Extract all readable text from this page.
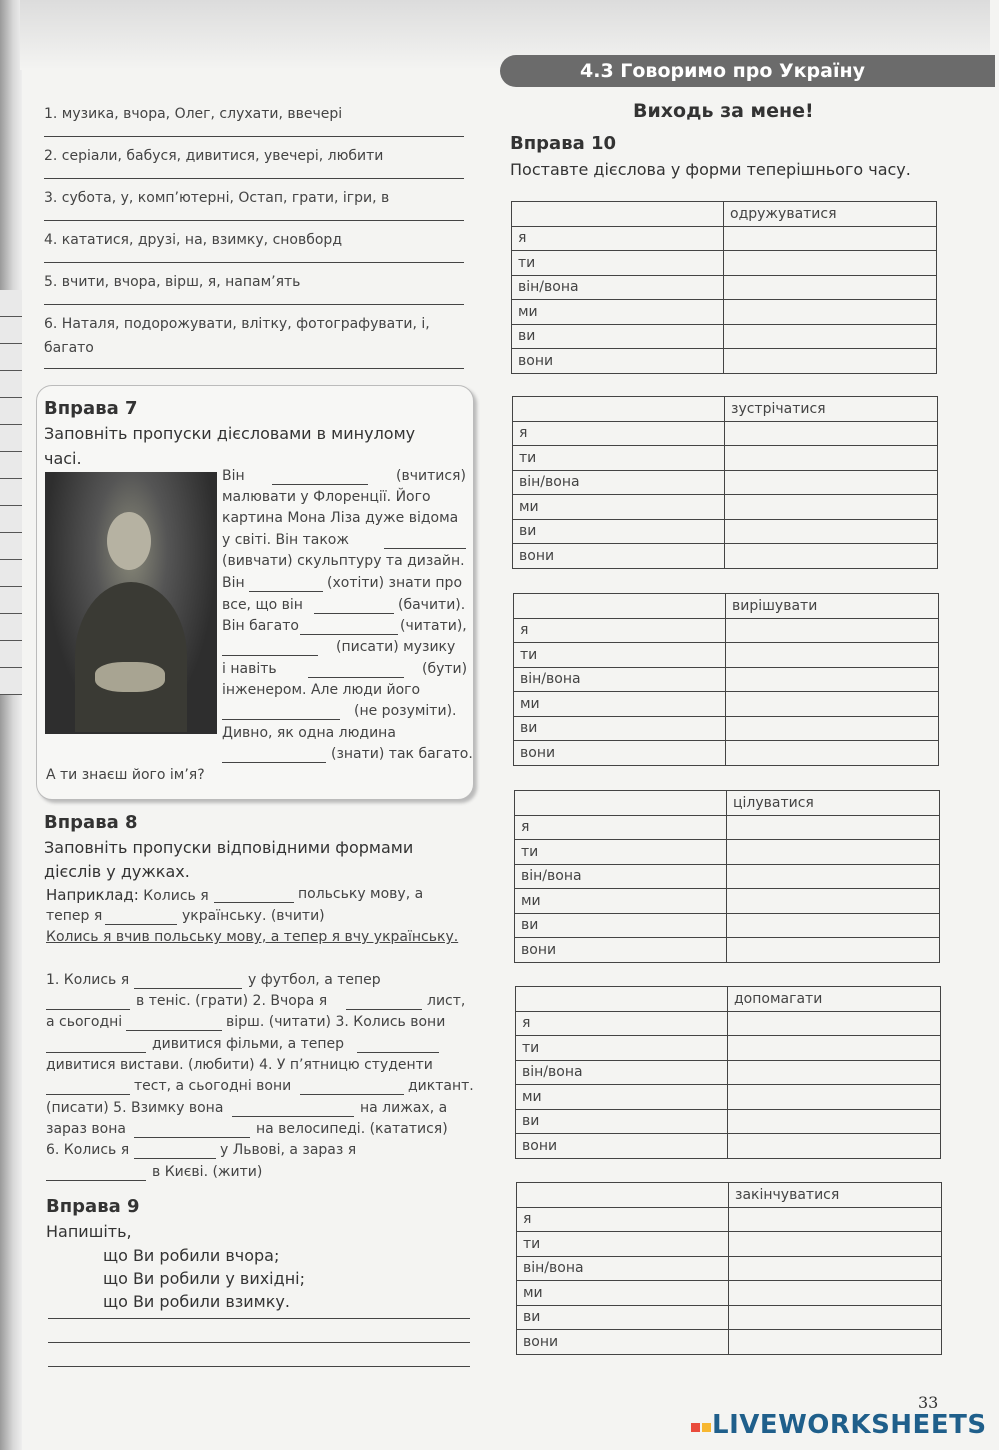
4.3 Говоримо про Україну
1. музика, вчора, Олег, слухати, ввечері
2. серіали, бабуся, дивитися, увечері, любити
3. субота, у, комп’ютерні, Остап, грати, ігри, в
4. кататися, друзі, на, взимку, сновборд
5. вчити, вчора, вірш, я, напам’ять
6. Наталя, подорожувати, влітку, фотографувати, і,
багато
Вправа 7
Заповніть пропуски дієсловами в минулому
часі.
Він	(вчитися)
малювати у Флоренції. Його
картина Мона Ліза дуже відома
у світі. Він також
(вивчати) скульптуру та дизайн.
Він	(хотіти) знати про
все, що він	(бачити).
Він багато	(читати),
(писати) музику
і навіть	(бути)
інженером. Але люди його
(не розуміти).
Дивно, як одна людина
(знати) так багато.
А ти знаєш його ім’я?
Вправа 8
Заповніть пропуски відповідними формами
дієслів у дужках.
Наприклад: Колись я	польську мову, а
тепер я	українську. (вчити)
Колись я вчив польську мову, а тепер я вчу українську.
1. Колись я	у футбол, а тепер
в теніс. (грати) 2. Вчора я	лист,
а сьогодні	вірш. (читати) 3. Колись вони
дивитися фільми, а тепер
дивитися вистави. (любити) 4. У п’ятницю студенти
тест, а сьогодні вони	диктант.
(писати) 5. Взимку вона	на лижах, а
зараз вона	на велосипеді. (кататися)
6. Колись я	у Львові, а зараз я
в Києві. (жити)
Вправа 9
Напишіть,
що Ви робили вчора;
що Ви робили у вихідні;
що Ви робили взимку.
Виходь за мене!
Вправа 10
Поставте дієслова у форми теперішнього часу.
	одружуватися
я	
ти	
він/вона	
ми	
ви	
вони	
	зустрічатися
я	
ти	
він/вона	
ми	
ви	
вони	
	вирішувати
я	
ти	
він/вона	
ми	
ви	
вони	
	цілуватися
я	
ти	
він/вона	
ми	
ви	
вони	
	допомагати
я	
ти	
він/вона	
ми	
ви	
вони	
	закінчуватися
я	
ти	
він/вона	
ми	
ви	
вони	
33
LIVEWORKSHEETS
